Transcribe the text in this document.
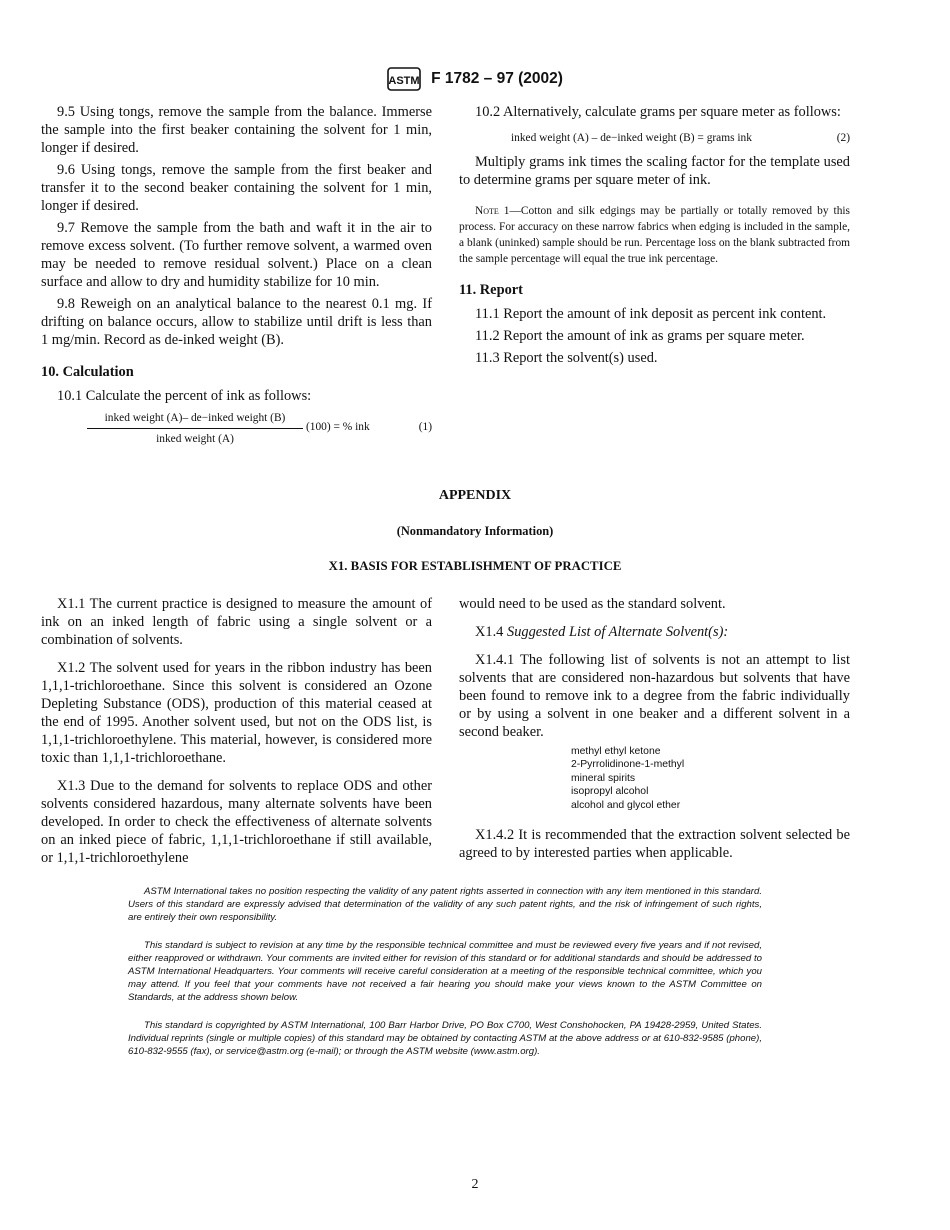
ASTM F 1782 – 97 (2002)

9.5 Using tongs, remove the sample from the balance. Immerse the sample into the first beaker containing the solvent for 1 min, longer if desired.

9.6 Using tongs, remove the sample from the first beaker and transfer it to the second beaker containing the solvent for 1 min, longer if desired.

9.7 Remove the sample from the bath and waft it in the air to remove excess solvent. (To further remove solvent, a warmed oven may be needed to remove residual solvent.) Place on a clean surface and allow to dry and humidity stabilize for 10 min.

9.8 Reweigh on an analytical balance to the nearest 0.1 mg. If drifting on balance occurs, allow to stabilize until drift is less than 1 mg/min. Record as de-inked weight (B).

10. Calculation

10.1 Calculate the percent of ink as follows:

inked weight (A)– de−inked weight (B)
inked weight (A)
(100) = % ink	(1)

10.2 Alternatively, calculate grams per square meter as follows:

inked weight (A) – de−inked weight (B) = grams ink	(2)

Multiply grams ink times the scaling factor for the template used to determine grams per square meter of ink.

Note 1—Cotton and silk edgings may be partially or totally removed by this process. For accuracy on these narrow fabrics when edging is included in the sample, a blank (uninked) sample should be run. Percentage loss on the blank subtracted from the sample percentage will equal the true ink percentage.
11. Report

11.1 Report the amount of ink deposit as percent ink content.

11.2 Report the amount of ink as grams per square meter.

11.3 Report the solvent(s) used.

APPENDIX
(Nonmandatory Information)
X1. BASIS FOR ESTABLISHMENT OF PRACTICE

X1.1 The current practice is designed to measure the amount of ink on an inked length of fabric using a single solvent or a combination of solvents.

X1.2 The solvent used for years in the ribbon industry has been 1,1,1-trichloroethane. Since this solvent is considered an Ozone Depleting Substance (ODS), production of this material ceased at the end of 1995. Another solvent used, but not on the ODS list, is 1,1,1-trichloroethylene. This material, however, is considered more toxic than 1,1,1-trichloroethane.

X1.3 Due to the demand for solvents to replace ODS and other solvents considered hazardous, many alternate solvents have been developed. In order to check the effectiveness of alternate solvents on an inked piece of fabric, 1,1,1-trichloroethane if still available, or 1,1,1-trichloroethylene

would need to be used as the standard solvent.

X1.4 Suggested List of Alternate Solvent(s):

X1.4.1 The following list of solvents is not an attempt to list solvents that are considered non-hazardous but solvents that have been found to remove ink to a degree from the fabric individually or by using a solvent in one beaker and a different solvent in a second beaker.

methyl ethyl ketone
2-Pyrrolidinone-1-methyl
mineral spirits
isopropyl alcohol
alcohol and glycol ether

X1.4.2 It is recommended that the extraction solvent selected be agreed to by interested parties when applicable.

ASTM International takes no position respecting the validity of any patent rights asserted in connection with any item mentioned in this standard. Users of this standard are expressly advised that determination of the validity of any such patent rights, and the risk of infringement of such rights, are entirely their own responsibility.

This standard is subject to revision at any time by the responsible technical committee and must be reviewed every five years and if not revised, either reapproved or withdrawn. Your comments are invited either for revision of this standard or for additional standards and should be addressed to ASTM International Headquarters. Your comments will receive careful consideration at a meeting of the responsible technical committee, which you may attend. If you feel that your comments have not received a fair hearing you should make your views known to the ASTM Committee on Standards, at the address shown below.

This standard is copyrighted by ASTM International, 100 Barr Harbor Drive, PO Box C700, West Conshohocken, PA 19428-2959, United States. Individual reprints (single or multiple copies) of this standard may be obtained by contacting ASTM at the above address or at 610-832-9585 (phone), 610-832-9555 (fax), or service@astm.org (e-mail); or through the ASTM website (www.astm.org).

2
